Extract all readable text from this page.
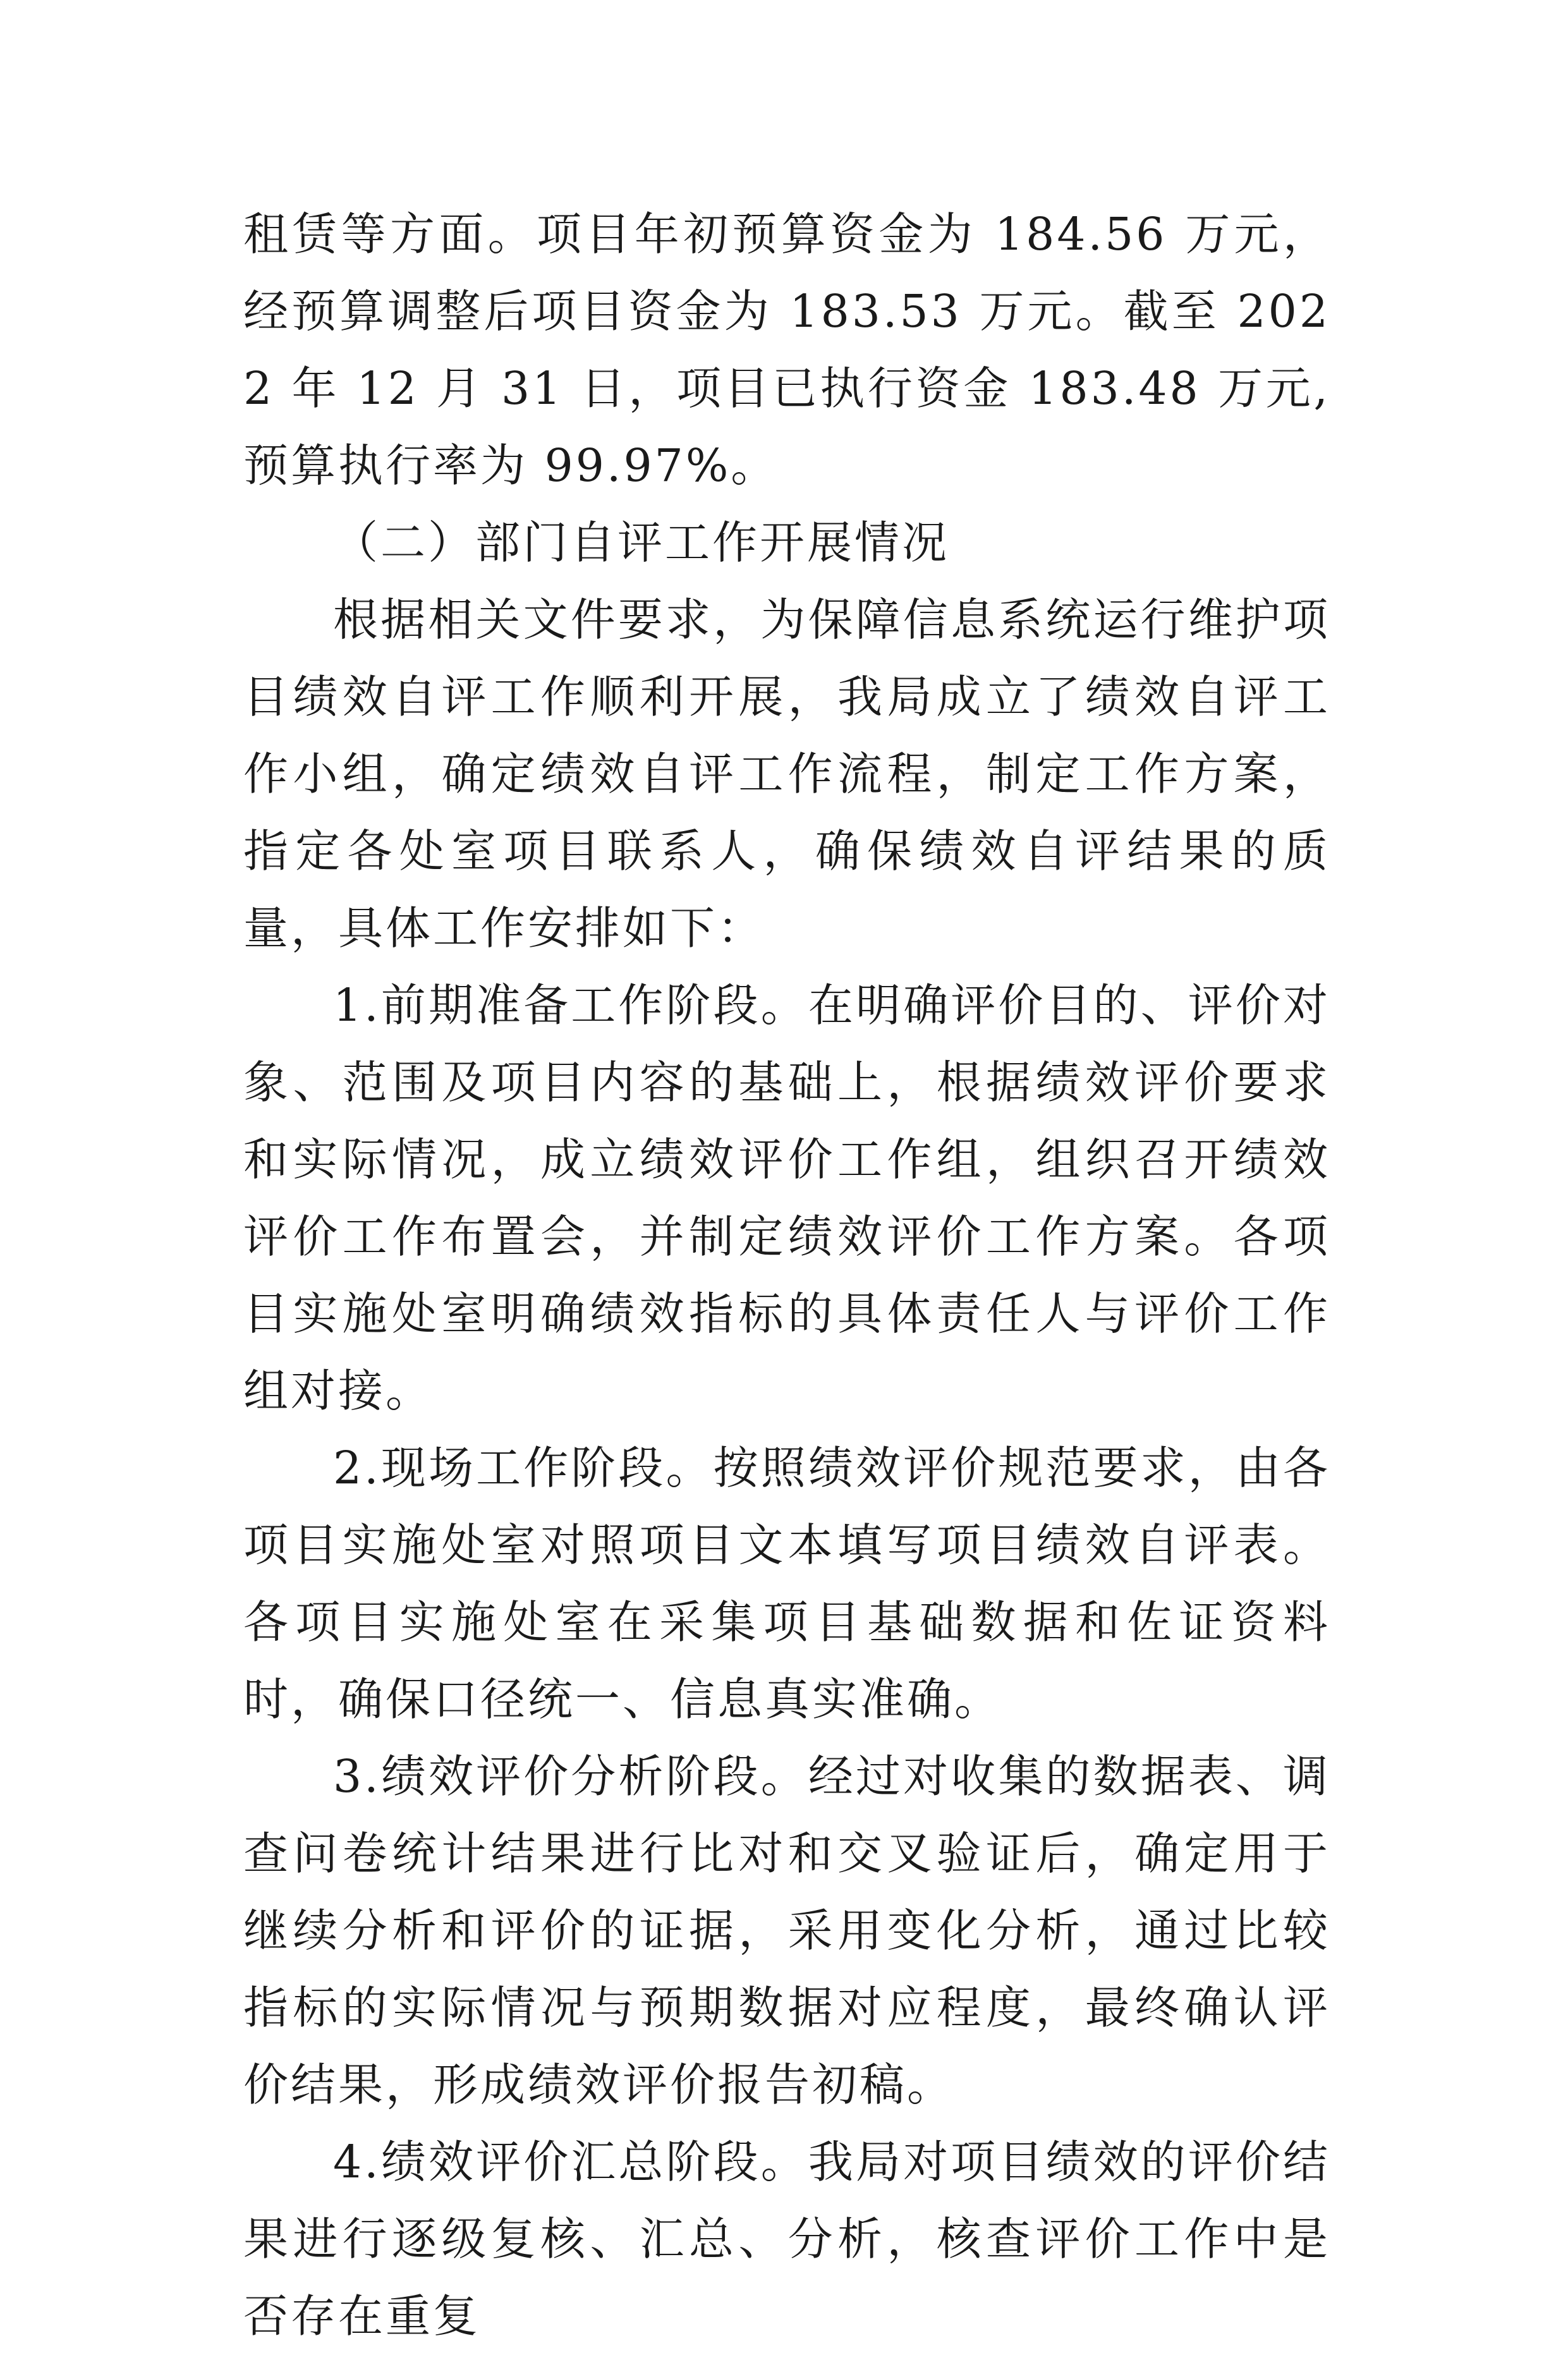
租赁等方面。项目年初预算资金为 184.56 万元，经预算调整后项目资金为 183.53 万元。截至 2022 年 12 月 31 日，项目已执行资金 183.48 万元,预算执行率为 99.97%。

（二）部门自评工作开展情况

根据相关文件要求，为保障信息系统运行维护项目绩效自评工作顺利开展，我局成立了绩效自评工作小组，确定绩效自评工作流程，制定工作方案，指定各处室项目联系人，确保绩效自评结果的质量，具体工作安排如下：

1.前期准备工作阶段。在明确评价目的、评价对象、范围及项目内容的基础上，根据绩效评价要求和实际情况，成立绩效评价工作组，组织召开绩效评价工作布置会，并制定绩效评价工作方案。各项目实施处室明确绩效指标的具体责任人与评价工作组对接。

2.现场工作阶段。按照绩效评价规范要求，由各项目实施处室对照项目文本填写项目绩效自评表。各项目实施处室在采集项目基础数据和佐证资料时，确保口径统一、信息真实准确。

3.绩效评价分析阶段。经过对收集的数据表、调查问卷统计结果进行比对和交叉验证后，确定用于继续分析和评价的证据，采用变化分析，通过比较指标的实际情况与预期数据对应程度，最终确认评价结果，形成绩效评价报告初稿。

4.绩效评价汇总阶段。我局对项目绩效的评价结果进行逐级复核、汇总、分析，核查评价工作中是否存在重复
